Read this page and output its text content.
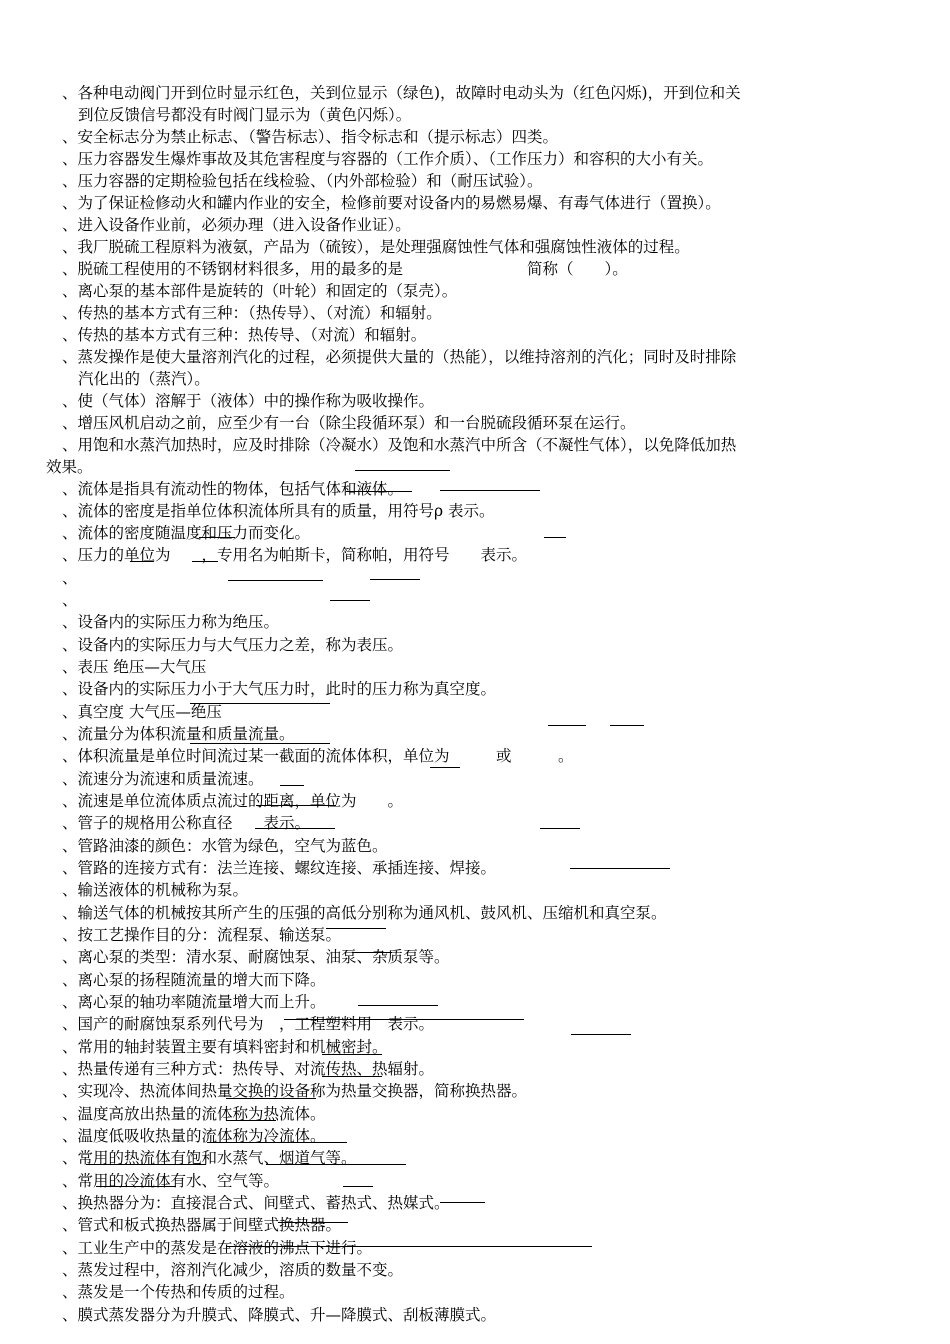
、各种电动阀门开到位时显示红色，关到位显示（绿色)，故障时电动头为（红色闪烁)，开到位和关
到位反馈信号都没有时阀门显示为（黄色闪烁）。
、安全标志分为禁止标志、（警告标志）、指令标志和（提示标志）四类。
、压力容器发生爆炸事故及其危害程度与容器的（工作介质）、（工作压力）和容积的大小有关。
、压力容器的定期检验包括在线检验、（内外部检验）和（耐压试验）。
、为了保证检修动火和罐内作业的安全，检修前要对设备内的易燃易爆、有毒气体进行（置换）。
、进入设备作业前，必须办理（进入设备作业证）。
、我厂脱硫工程原料为液氨，产品为（硫铵），是处理强腐蚀性气体和强腐蚀性液体的过程。
、脱硫工程使用的不锈钢材料很多，用的最多的是　　　　　　　　简称（　　）。
、离心泵的基本部件是旋转的（叶轮）和固定的（泵壳）。
、传热的基本方式有三种：（热传导）、（对流）和辐射。
、传热的基本方式有三种：热传导、（对流）和辐射。
、蒸发操作是使大量溶剂汽化的过程，必须提供大量的（热能），以维持溶剂的汽化；同时及时排除
汽化出的（蒸汽）。
、使（气体）溶解于（液体）中的操作称为吸收操作。
、增压风机启动之前，应至少有一台（除尘段循环泵）和一台脱硫段循环泵在运行。
、用饱和水蒸汽加热时，应及时排除（冷凝水）及饱和水蒸汽中所含（不凝性气体），以免降低加热
效果。
、流体是指具有流动性的物体，包括气体和液体。
、流体的密度是指单位体积流体所具有的质量，用符号ρ 表示。
、流体的密度随温度和压力而变化。
、压力的单位为　　，专用名为帕斯卡，简称帕，用符号　　表示。
、
、
、设备内的实际压力称为绝压。
、设备内的实际压力与大气压力之差，称为表压。
、表压 绝压—大气压
、设备内的实际压力小于大气压力时，此时的压力称为真空度。
、真空度 大气压—绝压
、流量分为体积流量和质量流量。
、体积流量是单位时间流过某一截面的流体体积，单位为　　　或　　　。
、流速分为流速和质量流速。
、流速是单位流体质点流过的距离，单位为　　。
、管子的规格用公称直径　　表示。
、管路油漆的颜色：水管为绿色，空气为蓝色。
、管路的连接方式有：法兰连接、螺纹连接、承插连接、焊接。
、输送液体的机械称为泵。
、输送气体的机械按其所产生的压强的高低分别称为通风机、鼓风机、压缩机和真空泵。
、按工艺操作目的分：流程泵、输送泵。
、离心泵的类型：清水泵、耐腐蚀泵、油泵、杂质泵等。
、离心泵的扬程随流量的增大而下降。
、离心泵的轴功率随流量增大而上升。
、国产的耐腐蚀泵系列代号为　，工程塑料用　表示。
、常用的轴封装置主要有填料密封和机械密封。
、热量传递有三种方式：热传导、对流传热、热辐射。
、实现冷、热流体间热量交换的设备称为热量交换器，简称换热器。
、温度高放出热量的流体称为热流体。
、温度低吸收热量的流体称为冷流体。
、常用的热流体有饱和水蒸气、烟道气等。
、常用的冷流体有水、空气等。
、换热器分为：直接混合式、间壁式、蓄热式、热媒式。
、管式和板式换热器属于间壁式换热器。
、工业生产中的蒸发是在溶液的沸点下进行。
、蒸发过程中，溶剂汽化减少，溶质的数量不变。
、蒸发是一个传热和传质的过程。
、膜式蒸发器分为升膜式、降膜式、升—降膜式、刮板薄膜式。
